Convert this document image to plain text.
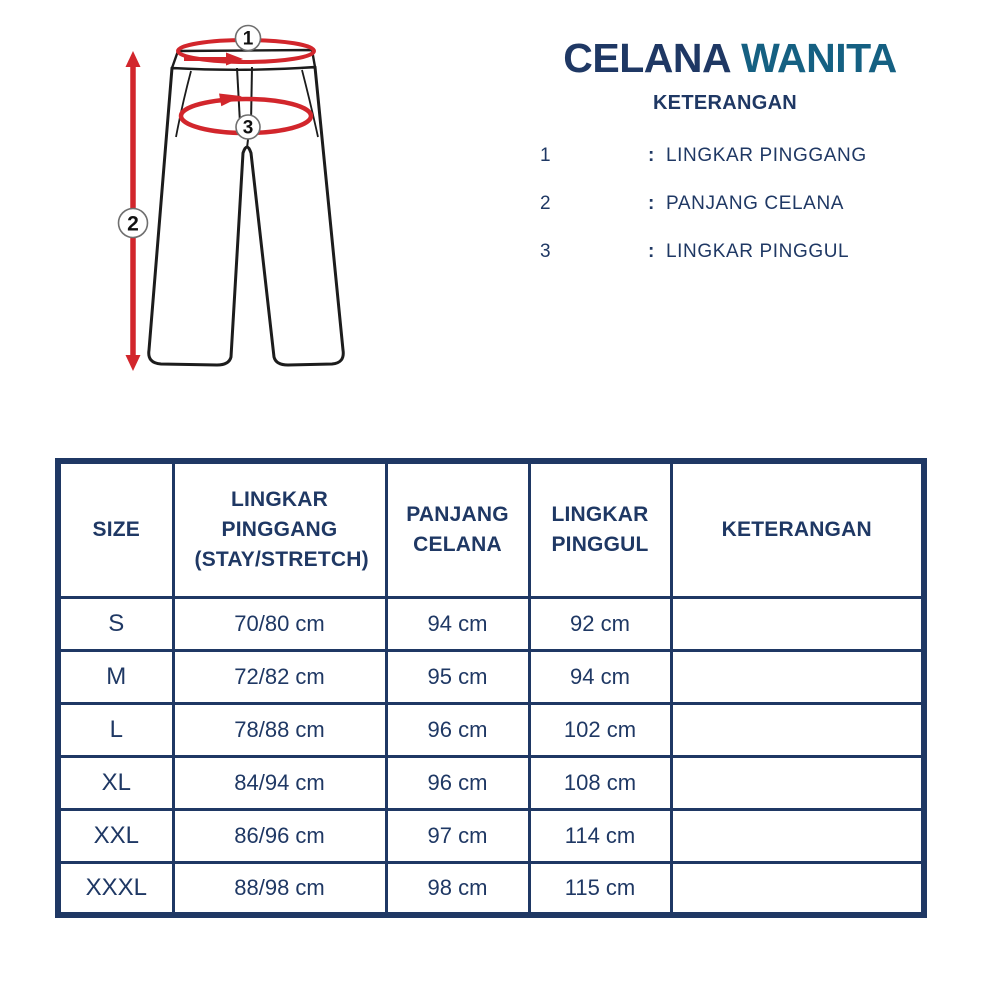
1
2
3
CELANA WANITA
KETERANGAN
1	: LINGKAR PINGGANG
2	: PANJANG CELANA
3	: LINGKAR PINGGUL
SIZE	LINGKAR PINGGANG (STAY/STRETCH)	PANJANG CELANA	LINGKAR PINGGUL	KETERANGAN
S	70/80 cm	94 cm	92 cm	
M	72/82 cm	95 cm	94 cm	
L	78/88 cm	96 cm	102 cm	
XL	84/94 cm	96 cm	108 cm	
XXL	86/96 cm	97 cm	114 cm	
XXXL	88/98 cm	98 cm	115 cm	
